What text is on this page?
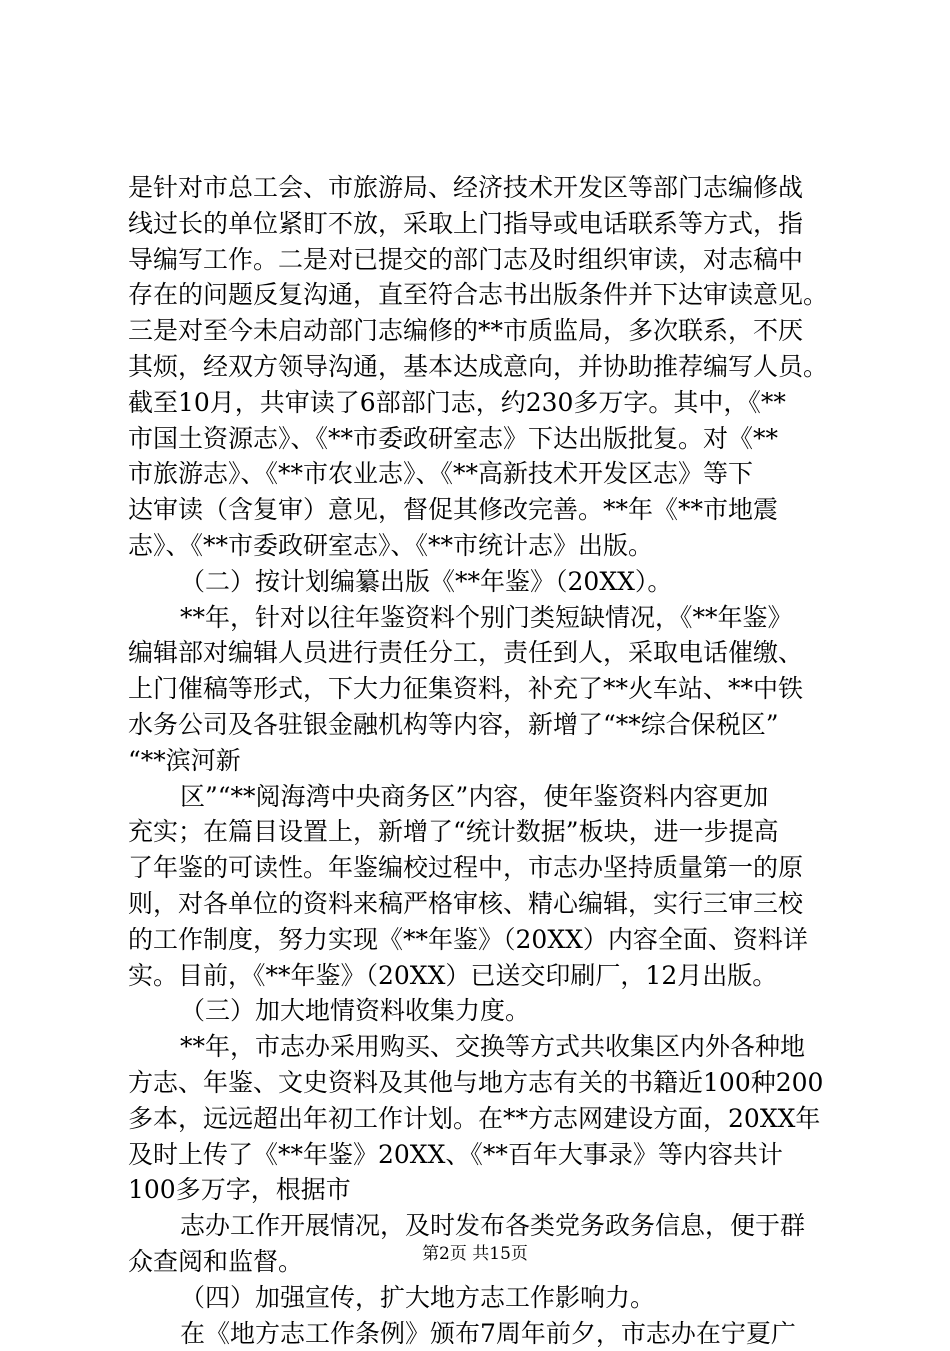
是针对市总工会、市旅游局、经济技术开发区等部门志编修战
线过长的单位紧盯不放，采取上门指导或电话联系等方式，指
导编写工作。二是对已提交的部门志及时组织审读，对志稿中
存在的问题反复沟通，直至符合志书出版条件并下达审读意见。
三是对至今未启动部门志编修的**市质监局，多次联系，不厌
其烦，经双方领导沟通，基本达成意向，并协助推荐编写人员。
截至10月，共审读了6部部门志，约230多万字。其中，《**
市国土资源志》、《**市委政研室志》下达出版批复。对《**
市旅游志》、《**市农业志》、《**高新技术开发区志》等下
达审读（含复审）意见，督促其修改完善。**年《**市地震
志》、《**市委政研室志》、《**市统计志》出版。
（二）按计划编纂出版《**年鉴》（20XX）。
**年，针对以往年鉴资料个别门类短缺情况，《**年鉴》
编辑部对编辑人员进行责任分工，责任到人，采取电话催缴、
上门催稿等形式，下大力征集资料，补充了**火车站、**中铁
水务公司及各驻银金融机构等内容，新增了“**综合保税区”
“**滨河新
区”“**阅海湾中央商务区”内容，使年鉴资料内容更加
充实；在篇目设置上，新增了“统计数据”板块，进一步提高
了年鉴的可读性。年鉴编校过程中，市志办坚持质量第一的原
则，对各单位的资料来稿严格审核、精心编辑，实行三审三校
的工作制度，努力实现《**年鉴》（20XX）内容全面、资料详
实。目前，《**年鉴》（20XX）已送交印刷厂，12月出版。
（三）加大地情资料收集力度。
**年，市志办采用购买、交换等方式共收集区内外各种地
方志、年鉴、文史资料及其他与地方志有关的书籍近100种200
多本，远远超出年初工作计划。在**方志网建设方面，20XX年
及时上传了《**年鉴》20XX、《**百年大事录》等内容共计
100多万字，根据市
志办工作开展情况，及时发布各类党务政务信息，便于群
众查阅和监督。
（四）加强宣传，扩大地方志工作影响力。
在《地方志工作条例》颁布7周年前夕，市志办在宁夏广
第2页 共15页
